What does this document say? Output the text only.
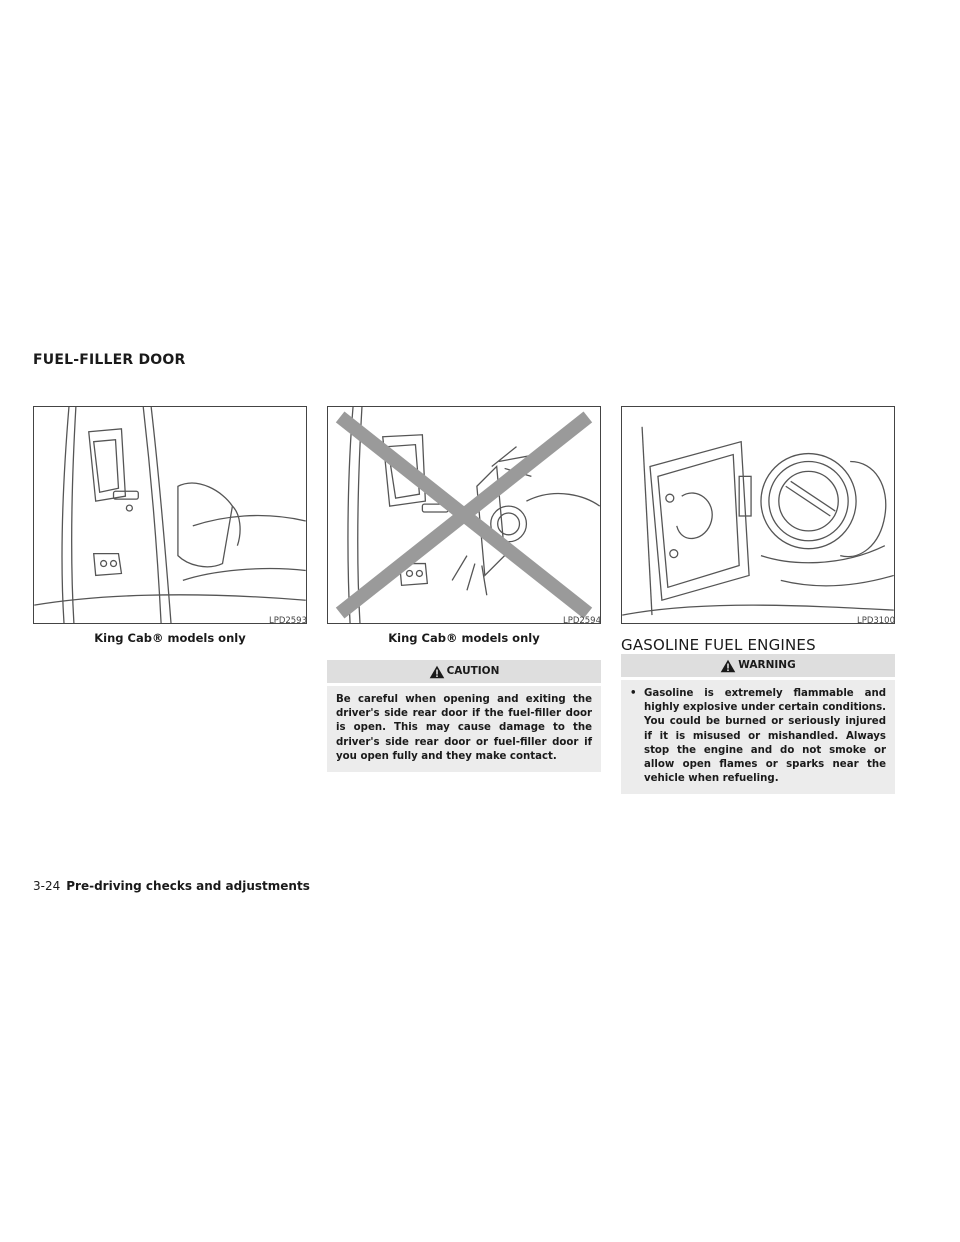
FUEL-FILLER DOOR
LPD2593
King Cab® models only
LPD2594
King Cab® models only
LPD3100
CAUTION
Be careful when opening and exiting the driver's side rear door if the fuel-filler door is open. This may cause damage to the driver's side rear door or fuel-filler door if you open fully and they make contact.
GASOLINE FUEL ENGINES
WARNING
• Gasoline is extremely flammable and highly explosive under certain conditions. You could be burned or seriously injured if it is misused or mishandled. Always stop the engine and do not smoke or allow open flames or sparks near the vehicle when refueling.
3-24 Pre-driving checks and adjustments
